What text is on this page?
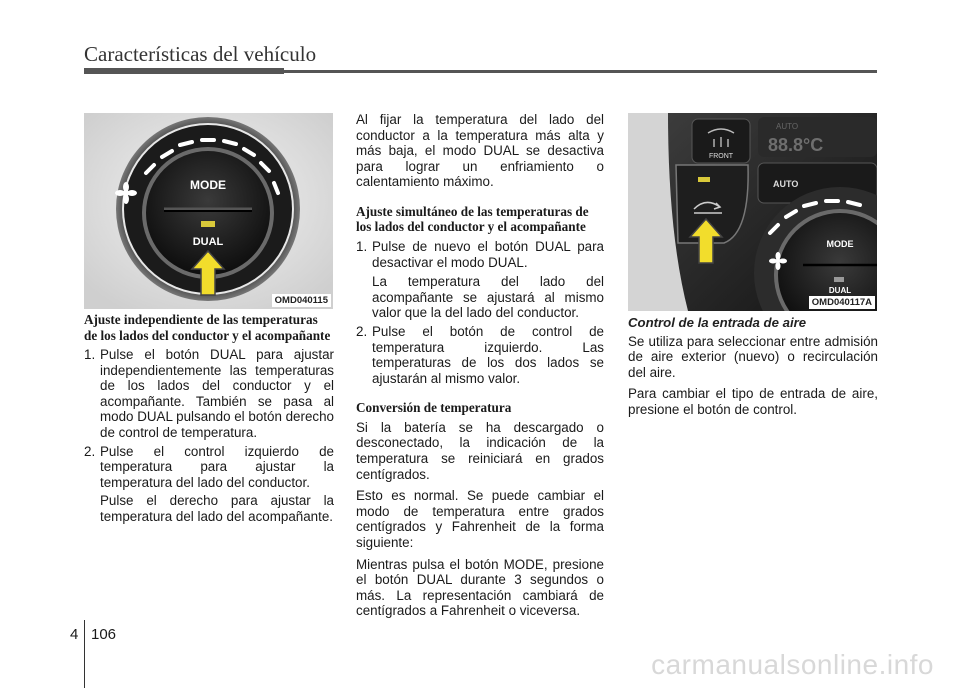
Características del vehículo
MODE
DUAL
OMD040115
Ajuste independiente de las temperaturas de los lados del conductor y el acompañante
1. Pulse el botón DUAL para ajustar independientemente las temperaturas de los lados del conductor y el acompañante. También se pasa al modo DUAL pulsando el botón derecho de control de temperatura.
2. Pulse el control izquierdo de temperatura para ajustar la temperatura del lado del conductor.

Pulse el derecho para ajustar la temperatura del lado del acompañante.

Al fijar la temperatura del lado del conductor a la temperatura más alta y más baja, el modo DUAL se desactiva para lograr un enfriamiento o calentamiento máximo.

Ajuste simultáneo de las temperaturas de los lados del conductor y el acompañante
1. Pulse de nuevo el botón DUAL para desactivar el modo DUAL.
La temperatura del lado del acompañante se ajustará al mismo valor que la del lado del conductor.
2. Pulse el botón de control de temperatura izquierdo. Las temperaturas de los dos lados se ajustarán al mismo valor.
Conversión de temperatura

Si la batería se ha descargado o desconectado, la indicación de la temperatura se reiniciará en grados centígrados.

Esto es normal. Se puede cambiar el modo de temperatura entre grados centígrados y Fahrenheit de la forma siguiente:

Mientras pulsa el botón MODE, presione el botón DUAL durante 3 segundos o más. La representación cambiará de centígrados a Fahrenheit o viceversa.

AUTO
88.8°C
FRONT
AUTO
MODE
DUAL
OMD040117A
Control de la entrada de aire

Se utiliza para seleccionar entre admisión de aire exterior (nuevo) o recirculación del aire.

Para cambiar el tipo de entrada de aire, presione el botón de control.

4 106
carmanualsonline.info
